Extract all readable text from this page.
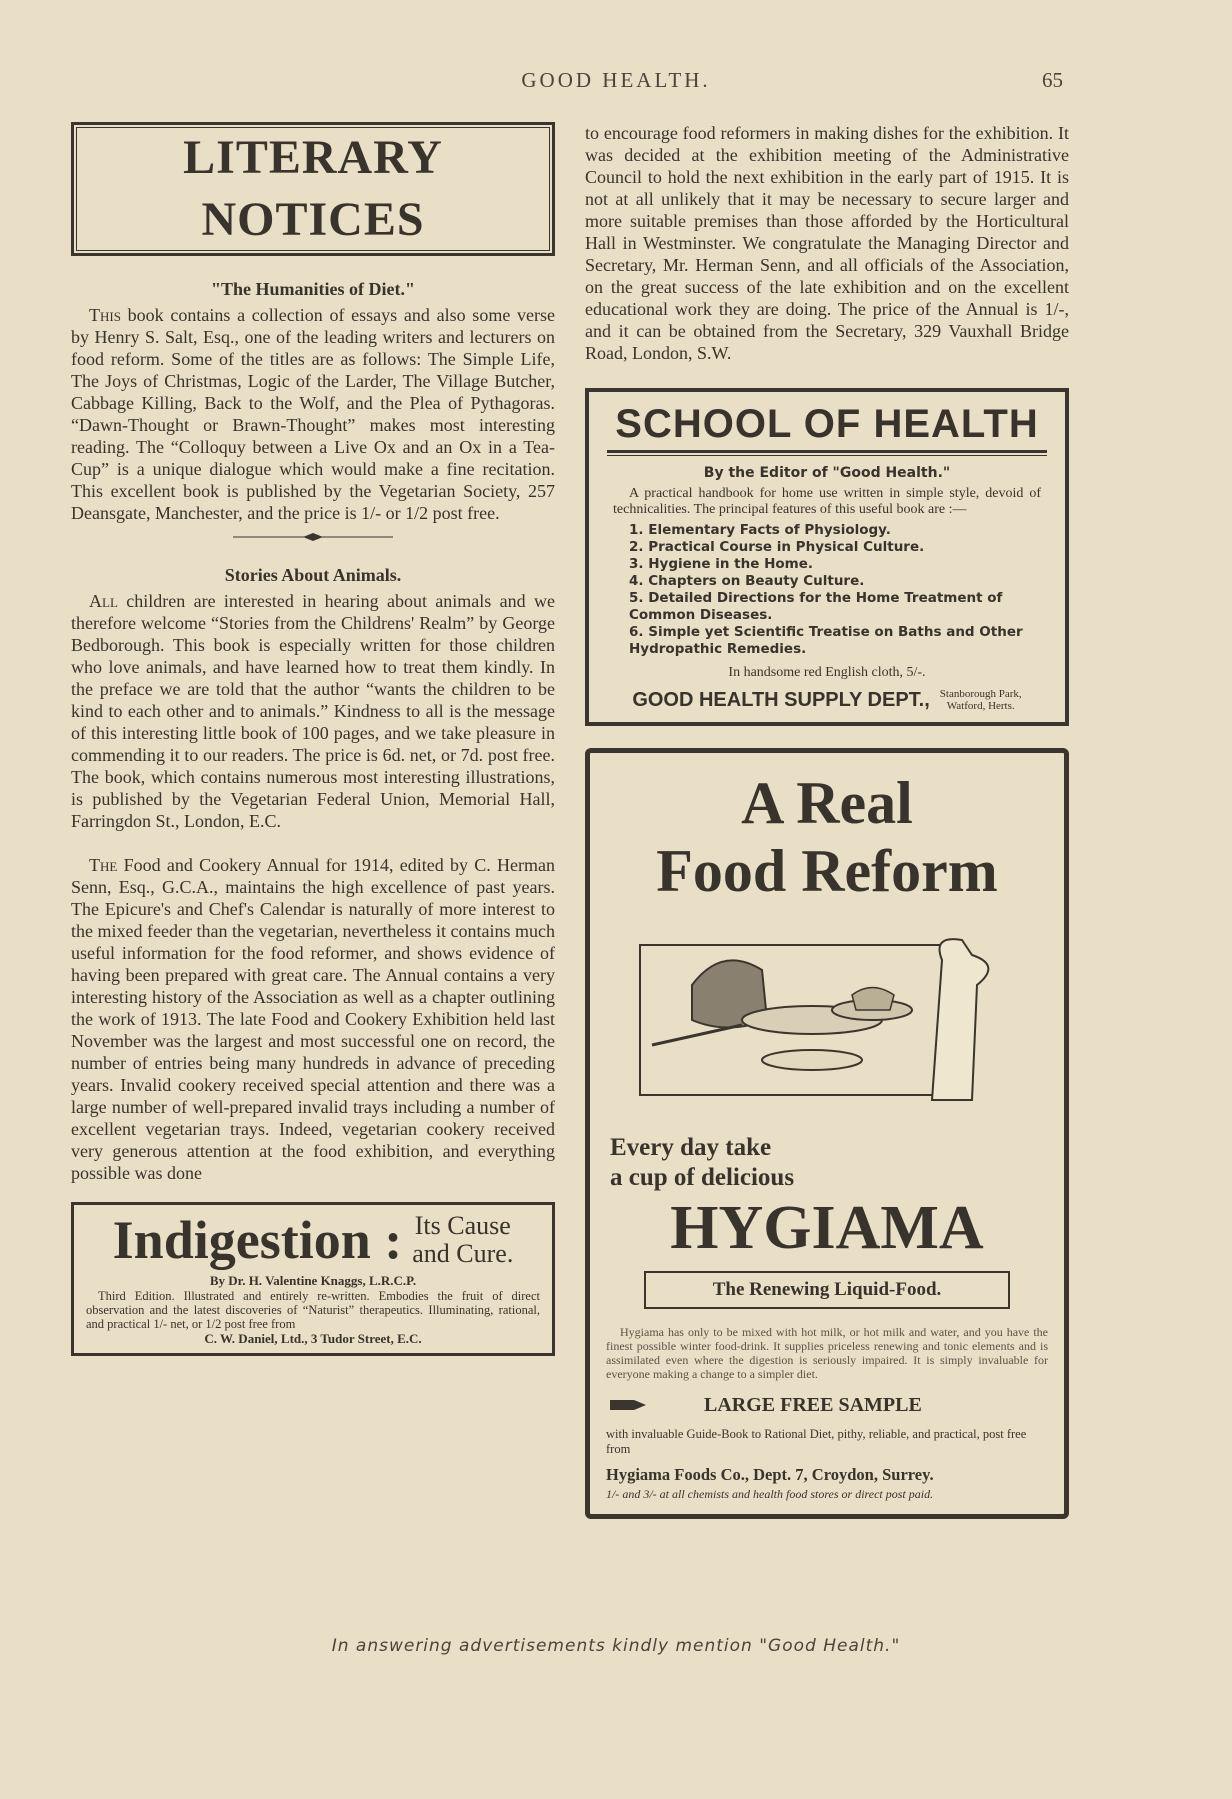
GOOD HEALTH.	65
LITERARY NOTICES
"The Humanities of Diet."

This book contains a collection of essays and also some verse by Henry S. Salt, Esq., one of the leading writers and lecturers on food reform. Some of the titles are as follows: The Simple Life, The Joys of Christmas, Logic of the Larder, The Village Butcher, Cabbage Killing, Back to the Wolf, and the Plea of Pythagoras. “Dawn-Thought or Brawn-Thought” makes most interesting reading. The “Colloquy between a Live Ox and an Ox in a Tea-Cup” is a unique dialogue which would make a fine recitation. This excellent book is published by the Vegetarian Society, 257 Deansgate, Manchester, and the price is 1/- or 1/2 post free.

Stories About Animals.

All children are interested in hearing about animals and we therefore welcome “Stories from the Childrens' Realm” by George Bedborough. This book is especially written for those children who love animals, and have learned how to treat them kindly. In the preface we are told that the author “wants the children to be kind to each other and to animals.” Kindness to all is the message of this interesting little book of 100 pages, and we take pleasure in commending it to our readers. The price is 6d. net, or 7d. post free. The book, which contains numerous most interesting illustrations, is published by the Vegetarian Federal Union, Memorial Hall, Farringdon St., London, E.C.

The Food and Cookery Annual for 1914, edited by C. Herman Senn, Esq., G.C.A., maintains the high excellence of past years. The Epicure's and Chef's Calendar is naturally of more interest to the mixed feeder than the vegetarian, nevertheless it contains much useful information for the food reformer, and shows evidence of having been prepared with great care. The Annual contains a very interesting history of the Association as well as a chapter outlining the work of 1913. The late Food and Cookery Exhibition held last November was the largest and most successful one on record, the number of entries being many hundreds in advance of preceding years. Invalid cookery received special attention and there was a large number of well-prepared invalid trays including a number of excellent vegetarian trays. Indeed, vegetarian cookery received very generous attention at the food exhibition, and everything possible was done

Indigestion : Its Cause
and Cure.
By Dr. H. Valentine Knaggs, L.R.C.P.
Third Edition. Illustrated and entirely re-written. Embodies the fruit of direct observation and the latest discoveries of “Naturist” therapeutics. Illuminating, rational, and practical 1/- net, or 1/2 post free from
C. W. Daniel, Ltd., 3 Tudor Street, E.C.

to encourage food reformers in making dishes for the exhibition. It was decided at the exhibition meeting of the Administrative Council to hold the next exhibition in the early part of 1915. It is not at all unlikely that it may be necessary to secure larger and more suitable premises than those afforded by the Horticultural Hall in Westminster. We congratulate the Managing Director and Secretary, Mr. Herman Senn, and all officials of the Association, on the great success of the late exhibition and on the excellent educational work they are doing. The price of the Annual is 1/-, and it can be obtained from the Secretary, 329 Vauxhall Bridge Road, London, S.W.

SCHOOL OF HEALTH
By the Editor of "Good Health."
A practical handbook for home use written in simple style, devoid of technicalities. The principal features of this useful book are :—
1. Elementary Facts of Physiology.
2. Practical Course in Physical Culture.
3. Hygiene in the Home.
4. Chapters on Beauty Culture.
5. Detailed Directions for the Home Treatment of Common Diseases.
6. Simple yet Scientific Treatise on Baths and Other Hydropathic Remedies.
In handsome red English cloth, 5/-.
GOOD HEALTH SUPPLY DEPT., Stanborough Park,
Watford, Herts.
A Real
Food Reform
Every day take
a cup of delicious
HYGIAMA
The Renewing Liquid-Food.
Hygiama has only to be mixed with hot milk, or hot milk and water, and you have the finest possible winter food-drink. It supplies priceless renewing and tonic elements and is assimilated even where the digestion is seriously impaired. It is simply invaluable for everyone making a change to a simpler diet.
LARGE FREE SAMPLE
with invaluable Guide-Book to Rational Diet, pithy, reliable, and practical, post free from
Hygiama Foods Co., Dept. 7, Croydon, Surrey.
1/- and 3/- at all chemists and health food stores or direct post paid.
In answering advertisements kindly mention "Good Health."
